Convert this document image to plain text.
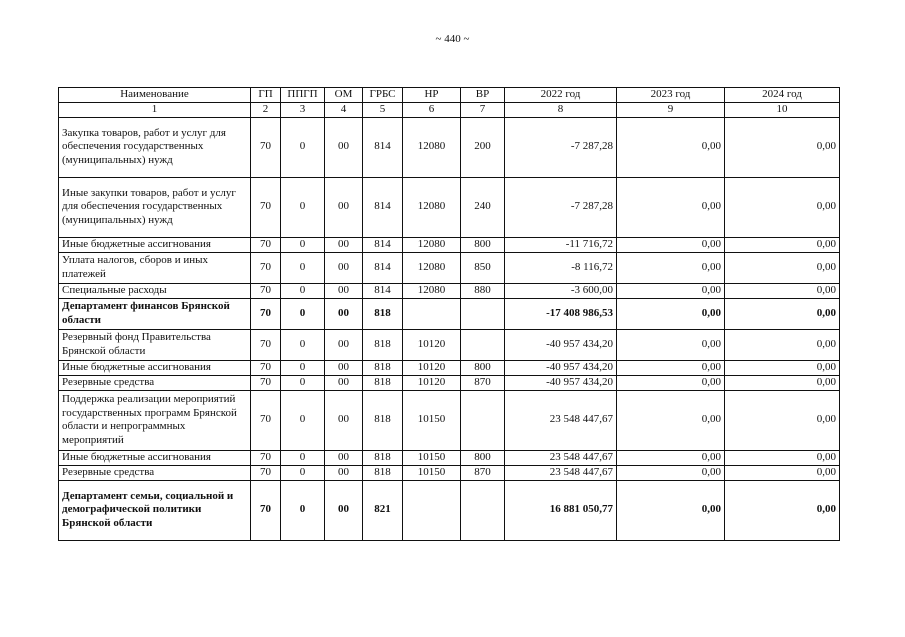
~ 440 ~
Наименование	ГП	ППГП	ОМ	ГРБС	НР	ВР	2022 год	2023 год	2024 год
1	2	3	4	5	6	7	8	9	10
Закупка товаров, работ и услуг для обеспечения государственных (муниципальных) нужд	70	0	00	814	12080	200	-7 287,28	0,00	0,00
Иные закупки товаров, работ и услуг для обеспечения государственных (муниципальных) нужд	70	0	00	814	12080	240	-7 287,28	0,00	0,00
Иные бюджетные ассигнования	70	0	00	814	12080	800	-11 716,72	0,00	0,00
Уплата налогов, сборов и иных платежей	70	0	00	814	12080	850	-8 116,72	0,00	0,00
Специальные расходы	70	0	00	814	12080	880	-3 600,00	0,00	0,00
Департамент финансов Брянской области	70	0	00	818			-17 408 986,53	0,00	0,00
Резервный фонд Правительства Брянской области	70	0	00	818	10120		-40 957 434,20	0,00	0,00
Иные бюджетные ассигнования	70	0	00	818	10120	800	-40 957 434,20	0,00	0,00
Резервные средства	70	0	00	818	10120	870	-40 957 434,20	0,00	0,00
Поддержка реализации мероприятий государственных программ Брянской области и непрограммных мероприятий	70	0	00	818	10150		23 548 447,67	0,00	0,00
Иные бюджетные ассигнования	70	0	00	818	10150	800	23 548 447,67	0,00	0,00
Резервные средства	70	0	00	818	10150	870	23 548 447,67	0,00	0,00
Департамент семьи, социальной и демографической политики Брянской области	70	0	00	821			16 881 050,77	0,00	0,00
